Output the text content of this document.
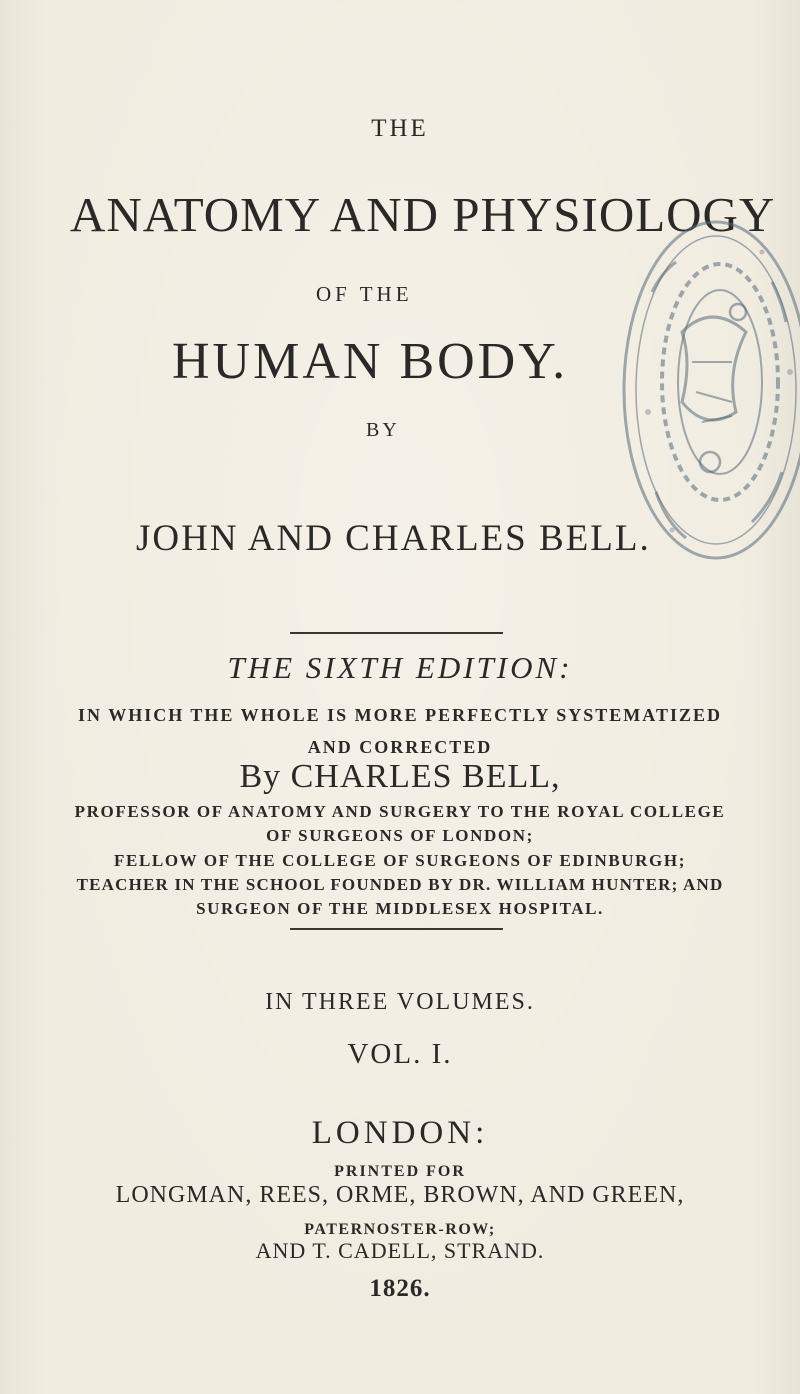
THE
ANATOMY AND PHYSIOLOGY
OF THE
HUMAN BODY.
BY
JOHN AND CHARLES BELL.
THE SIXTH EDITION:
IN WHICH THE WHOLE IS MORE PERFECTLY SYSTEMATIZED
AND CORRECTED
By CHARLES BELL,
PROFESSOR OF ANATOMY AND SURGERY TO THE ROYAL COLLEGE
OF SURGEONS OF LONDON;
FELLOW OF THE COLLEGE OF SURGEONS OF EDINBURGH;
TEACHER IN THE SCHOOL FOUNDED BY DR. WILLIAM HUNTER; AND
SURGEON OF THE MIDDLESEX HOSPITAL.
IN THREE VOLUMES.
VOL. I.
LONDON:
PRINTED FOR
LONGMAN, REES, ORME, BROWN, AND GREEN,
PATERNOSTER-ROW;
AND T. CADELL, STRAND.
1826.
